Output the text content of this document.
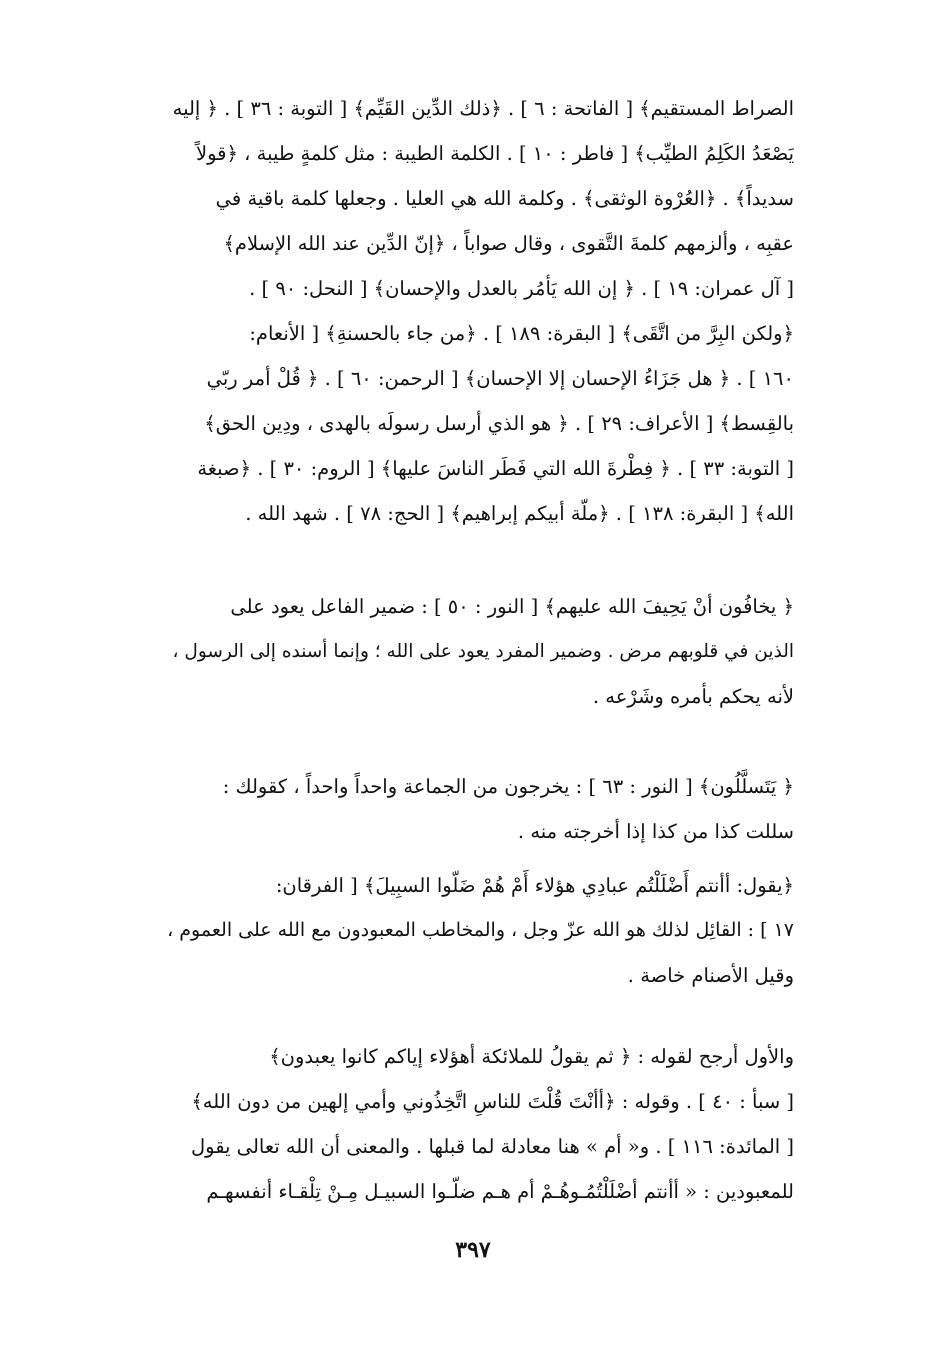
الصراط المستقيم﴾ [ الفاتحة : ٦ ] . ﴿ذلك الدِّين القَيِّم﴾ [ التوبة : ٣٦ ] . ﴿ إليه
يَصْعَدُ الكَلِمُ الطيِّب﴾ [ فاطر : ١٠ ] . الكلمة الطيبة : مثل كلمةٍ طيبة ، ﴿قولاً
سديداً﴾ . ﴿العُرْوة الوثقى﴾ . وكلمة الله هي العليا . وجعلها كلمة باقية في
عقبِه ، وألزمهم كلمةَ التَّقوى ، وقال صواباً ، ﴿إنّ الدِّين عند الله الإسلام﴾
[ آل عمران: ١٩ ] . ﴿ إن الله يَأمُر بالعدل والإحسان﴾ [ النحل: ٩٠ ] .
﴿ولكن البِرَّ من اتَّقَى﴾ [ البقرة: ١٨٩ ] . ﴿من جاء بالحسنةِ﴾ [ الأنعام:
١٦٠ ] . ﴿ هل جَزَاءُ الإحسان إلا الإحسان﴾ [ الرحمن: ٦٠ ] . ﴿ قُلْ أمر ربّي
بالقِسط﴾ [ الأعراف: ٢٩ ] . ﴿ هو الذي أرسل رسولَه بالهدى ، ودِين الحق﴾
[ التوبة: ٣٣ ] . ﴿ فِطْرةَ الله التي فَطَر الناسَ عليها﴾ [ الروم: ٣٠ ] . ﴿صبغة
الله﴾ [ البقرة: ١٣٨ ] . ﴿ملّة أبيكم إبراهيم﴾ [ الحج: ٧٨ ] . شهد الله .
﴿ يخافُون أنْ يَحِيفَ الله عليهم﴾ [ النور : ٥٠ ] : ضمير الفاعل يعود على
الذين في قلوبهم مرض . وضمير المفرد يعود على الله ؛ وإنما أسنده إلى الرسول ،
لأنه يحكم بأمره وشَرْعه .
﴿ يَتَسلَّلُون﴾ [ النور : ٦٣ ] : يخرجون من الجماعة واحداً واحداً ، كقولك :
سللت كذا من كذا إذا أخرجته منه .
﴿يقول: أأنتم أَضْلَلْتُم عبادِي هؤلاء أَمْ هُمْ ضَلّوا السبِيلَ﴾ [ الفرقان:
١٧ ] : القائِل لذلك هو الله عزّ وجل ، والمخاطب المعبودون مع الله على العموم ،
وقيل الأصنام خاصة .
والأول أرجح لقوله : ﴿ ثم يقولُ للملائكة أهؤلاء إياكم كانوا يعبدون﴾
[ سبأ : ٤٠ ] . وقوله : ﴿أأنْتَ قُلْتَ للناسِ اتَّخِذُوني وأمي إلهين من دون الله﴾
[ المائدة: ١١٦ ] . و« أم » هنا معادلة لما قبلها . والمعنى أن الله تعالى يقول
للمعبودين : « أأنتم أضْلَلْتُمُـوهُـمْ أم هـم ضلّـوا السبيـل مِـنْ تِلْقـاء أنفسهـم
٣٩٧
